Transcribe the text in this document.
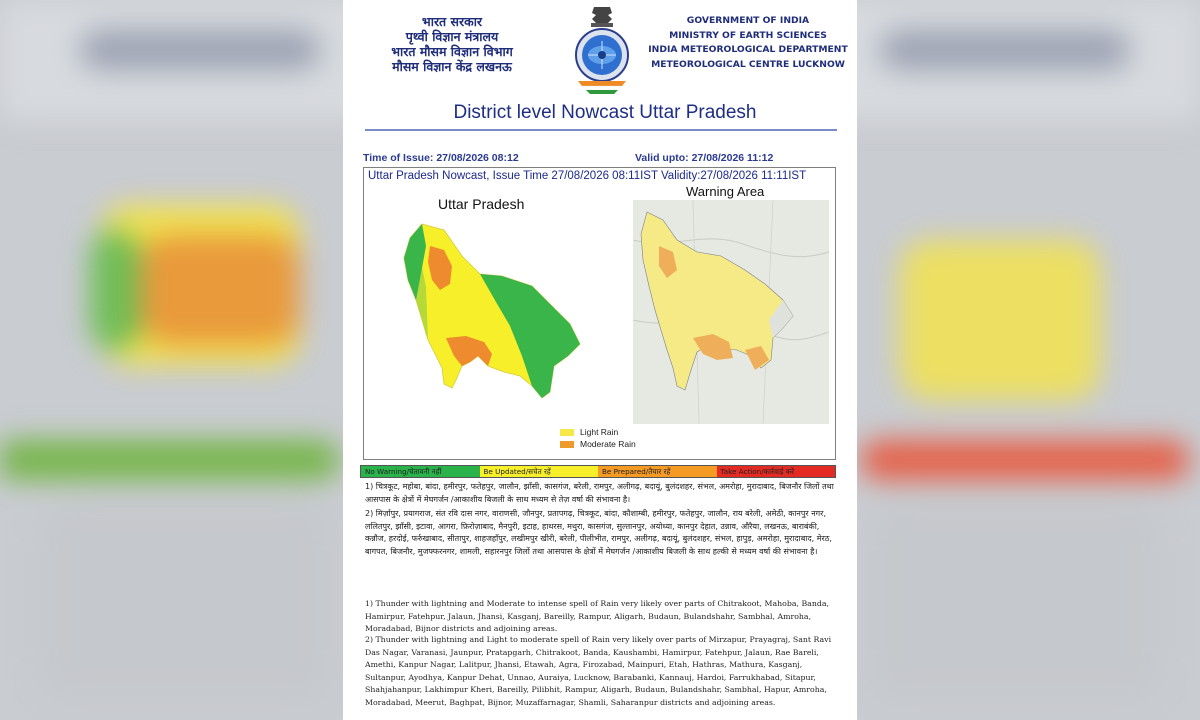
भारत सरकार
पृथ्वी विज्ञान मंत्रालय
भारत मौसम विज्ञान विभाग
मौसम विज्ञान केंद्र लखनऊ
GOVERNMENT OF INDIA
MINISTRY OF EARTH SCIENCES
INDIA METEOROLOGICAL DEPARTMENT
METEOROLOGICAL CENTRE LUCKNOW
District level Nowcast Uttar Pradesh
Time of Issue: 27/08/2026 08:12	Valid upto: 27/08/2026 11:12
Uttar Pradesh Nowcast, Issue Time 27/08/2026 08:11IST Validity:27/08/2026 11:11IST
Uttar Pradesh
Warning Area
Light Rain
Moderate Rain
No Warning/चेतावनी नहीं	Be Updated/सचेत रहें	Be Prepared/तैयार रहें	Take Action/कार्रवाई करें
1) चित्रकूट, महोबा, बांदा, हमीरपुर, फतेहपुर, जालौन, झाँसी, कासगंज, बरेली, रामपुर, अलीगढ़, बदायूं, बुलंदशहर, संभल, अमरोहा, मुरादाबाद, बिजनौर जिलों तथा आसपास के क्षेत्रों में मेघगर्जन /आकाशीय बिजली के साथ मध्यम से तेज़ वर्षा की संभावना है।
2) मिर्ज़ापुर, प्रयागराज, संत रवि दास नगर, वाराणसी, जौनपुर, प्रतापगढ़, चित्रकूट, बांदा, कौशाम्बी, हमीरपुर, फतेहपुर, जालौन, राय बरेली, अमेठी, कानपुर नगर, ललितपुर, झाँसी, इटावा, आगरा, फ़िरोज़ाबाद, मैनपुरी, इटाह, हाथरस, मथुरा, कासगंज, सुल्तानपुर, अयोध्या, कानपुर देहात, उन्नाव, औरैया, लखनऊ, बाराबंकी, कन्नौज, हरदोई, फर्रुखाबाद, सीतापुर, शाहजहाँपुर, लखीमपुर खीरी, बरेली, पीलीभीत, रामपुर, अलीगढ़, बदायूं, बुलंदशहर, संभल, हापुड़, अमरोहा, मुरादाबाद, मेरठ, बागपत, बिजनौर, मुजफ्फरनगर, शामली, सहारनपुर जिलों तथा आसपास के क्षेत्रों में मेघगर्जन /आकाशीय बिजली के साथ हल्की से मध्यम वर्षा की संभावना है।
1) Thunder with lightning and Moderate to intense spell of Rain very likely over parts of Chitrakoot, Mahoba, Banda, Hamirpur, Fatehpur, Jalaun, Jhansi, Kasganj, Bareilly, Rampur, Aligarh, Budaun, Bulandshahr, Sambhal, Amroha, Moradabad, Bijnor districts and adjoining areas.
2) Thunder with lightning and Light to moderate spell of Rain very likely over parts of Mirzapur, Prayagraj, Sant Ravi Das Nagar, Varanasi, Jaunpur, Pratapgarh, Chitrakoot, Banda, Kaushambi, Hamirpur, Fatehpur, Jalaun, Rae Bareli, Amethi, Kanpur Nagar, Lalitpur, Jhansi, Etawah, Agra, Firozabad, Mainpuri, Etah, Hathras, Mathura, Kasganj, Sultanpur, Ayodhya, Kanpur Dehat, Unnao, Auraiya, Lucknow, Barabanki, Kannauj, Hardoi, Farrukhabad, Sitapur, Shahjahanpur, Lakhimpur Kheri, Bareilly, Pilibhit, Rampur, Aligarh, Budaun, Bulandshahr, Sambhal, Hapur, Amroha, Moradabad, Meerut, Baghpat, Bijnor, Muzaffarnagar, Shamli, Saharanpur districts and adjoining areas.
